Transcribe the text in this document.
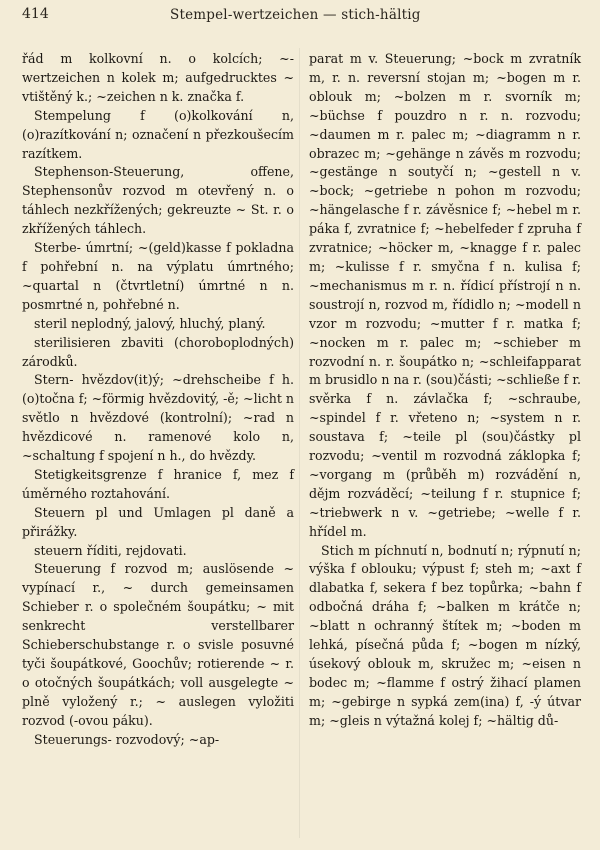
414	Stempel-wertzeichen — stich-hältig

řád m kolkovní n. o kolcích; ~-wertzeichen n kolek m; aufgedrucktes ~ vtištěný k.; ~zeichen n k. značka f.

Stempelung f (o)kolkování n, (o)razítkování n; označení n přezkoušecím razítkem.

Stephenson-Steuerung, offene, Stephensonův rozvod m otevřený n. o táhlech nezkřížených; gekreuzte ~ St. r. o zkřížených táhlech.

Sterbe- úmrtní; ~(geld)kasse f pokladna f pohřební n. na výplatu úmrtného; ~quartal n (čtvrtletní) úmrtné n n. posmrtné n, pohřebné n.

steril neplodný, jalový, hluchý, planý.

sterilisieren zbaviti (choroboplodných) zárodků.

Stern- hvězdov(it)ý; ~drehscheibe f h. (o)točna f; ~förmig hvězdovitý, -ě; ~licht n světlo n hvězdové (kontrolní); ~rad n hvězdicové n. ramenové kolo n, ~schaltung f spojení n h., do hvězdy.

Stetigkeitsgrenze f hranice f, mez f úměrného roztahování.

Steuern pl und Umlagen pl daně a přirážky.

steuern říditi, rejdovati.

Steuerung f rozvod m; auslösende ~ vypínací r., ~ durch gemeinsamen Schieber r. o společném šoupátku; ~ mit senkrecht verstellbarer Schieberschubstange r. o svisle posuvné tyči šoupátkové, Goochův; rotierende ~ r. o otočných šoupátkách; voll ausgelegte ~ plně vyložený r.; ~ auslegen vyložiti rozvod (-ovou páku).

Steuerungs- rozvodový; ~ap-

parat m v. Steuerung; ~bock m zvratník m, r. n. reversní stojan m; ~bogen m r. oblouk m; ~bolzen m r. svorník m; ~büchse f pouzdro n r. n. rozvodu; ~daumen m r. palec m; ~diagramm n r. obrazec m; ~gehänge n závěs m rozvodu; ~gestänge n soutyčí n; ~gestell n v. ~bock; ~getriebe n pohon m rozvodu; ~hängelasche f r. závěsnice f; ~hebel m r. páka f, zvratnice f; ~hebelfeder f zpruha f zvratnice; ~höcker m, ~knagge f r. palec m; ~kulisse f r. smyčna f n. kulisa f; ~mechanismus m r. n. řídicí přístrojí n n. soustrojí n, rozvod m, řídidlo n; ~modell n vzor m rozvodu; ~mutter f r. matka f; ~nocken m r. palec m; ~schieber m rozvodní n. r. šoupátko n; ~schleifapparat m brusidlo n na r. (sou)části; ~schließe f r. svěrka f n. závlačka f; ~schraube, ~spindel f r. vřeteno n; ~system n r. soustava f; ~teile pl (sou)částky pl rozvodu; ~ventil m rozvodná záklopka f; ~vorgang m (průběh m) rozvádění n, dějm rozváděcí; ~teilung f r. stupnice f; ~triebwerk n v. ~getriebe; ~welle f r. hřídel m.

Stich m píchnutí n, bodnutí n; rýpnutí n; výška f oblouku; výpust f; steh m; ~axt f dlabatka f, sekera f bez topůrka; ~bahn f odbočná dráha f; ~balken m krátče n; ~blatt n ochranný štítek m; ~boden m lehká, písečná půda f; ~bogen m nízký, úsekový oblouk m, skružec m; ~eisen n bodec m; ~flamme f ostrý žihací plamen m; ~gebirge n sypká zem(ina) f, -ý útvar m; ~gleis n výtažná kolej f; ~hältig dů-
